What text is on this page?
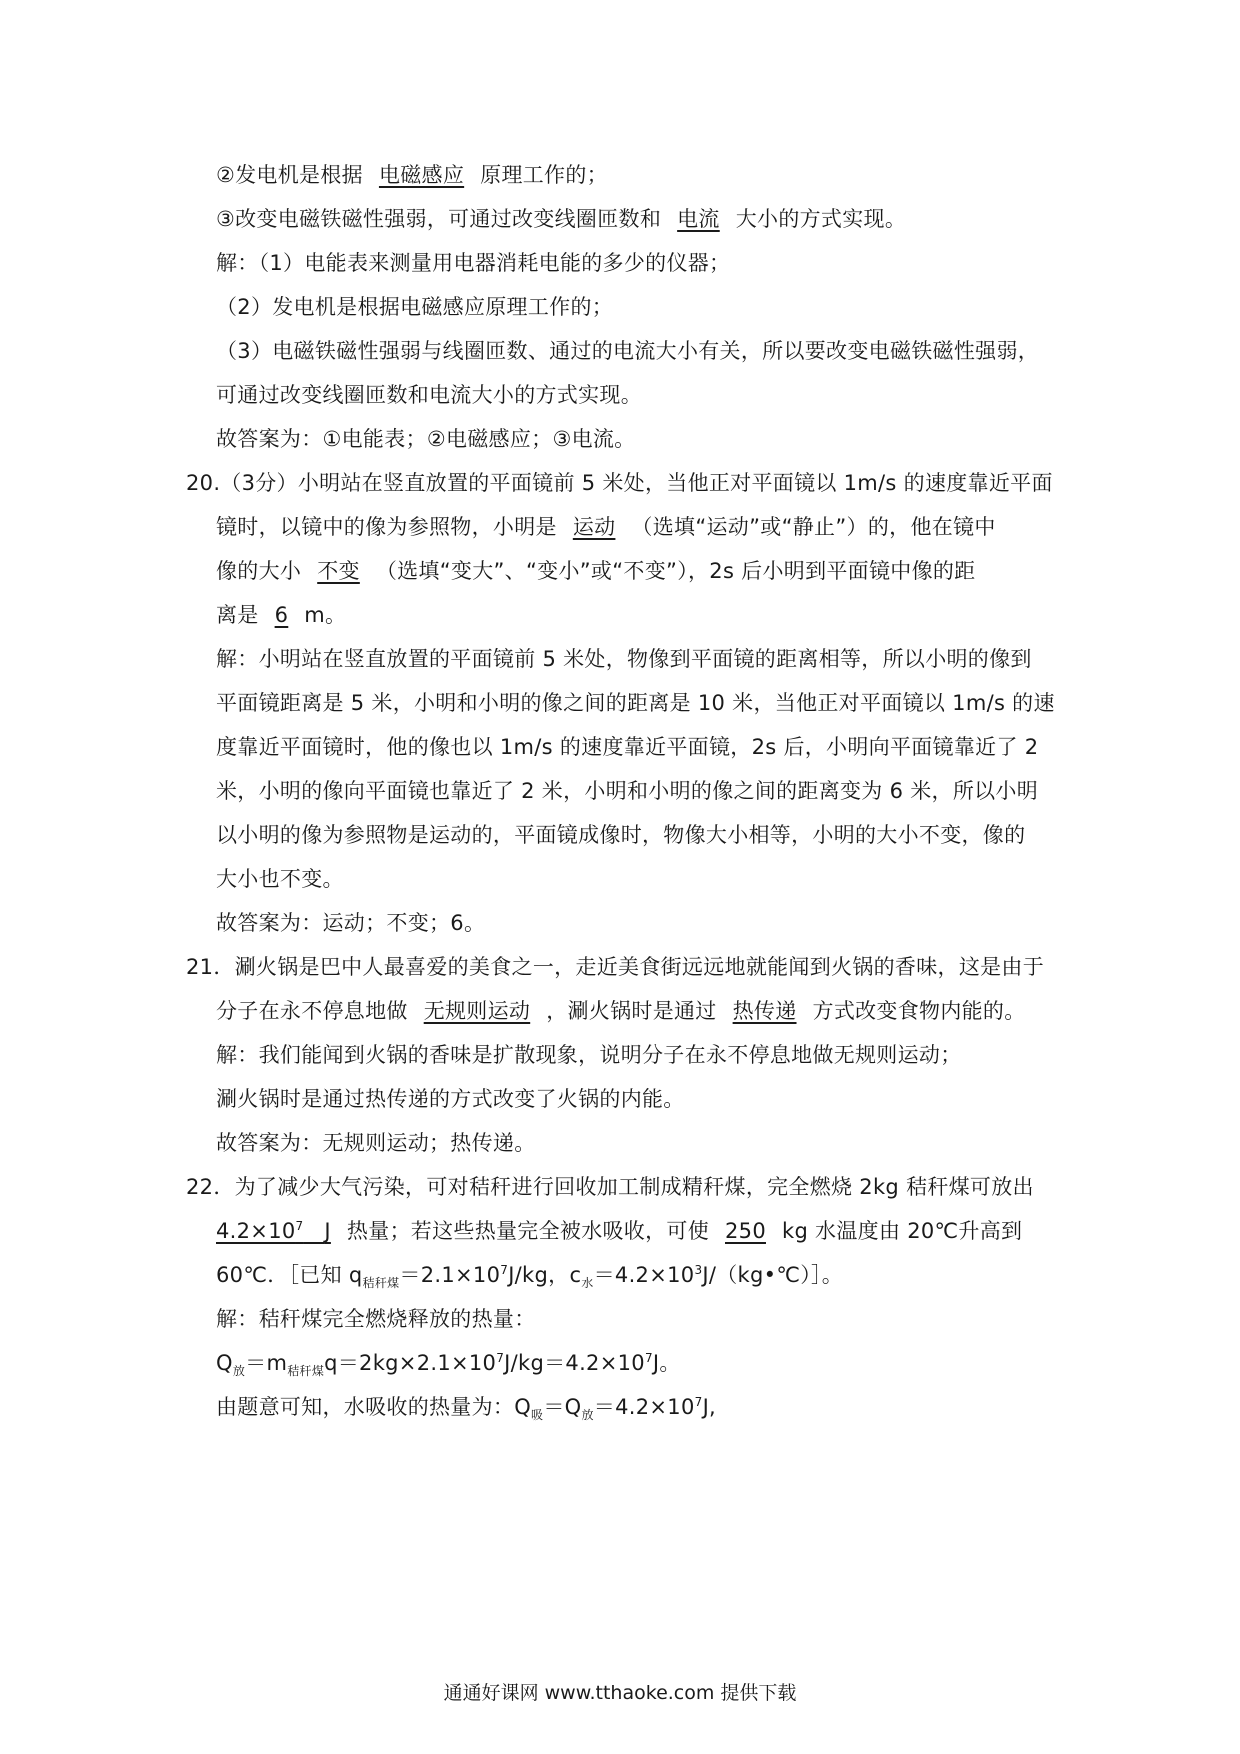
②发电机是根据 电磁感应 原理工作的；
③改变电磁铁磁性强弱，可通过改变线圈匝数和 电流 大小的方式实现。
解：（1）电能表来测量用电器消耗电能的多少的仪器；
（2）发电机是根据电磁感应原理工作的；
（3）电磁铁磁性强弱与线圈匝数、通过的电流大小有关，所以要改变电磁铁磁性强弱，
可通过改变线圈匝数和电流大小的方式实现。
故答案为：①电能表；②电磁感应；③电流。
20.（3分）小明站在竖直放置的平面镜前 5 米处，当他正对平面镜以 1m/s 的速度靠近平面
镜时，以镜中的像为参照物，小明是 运动 （选填“运动”或“静止”）的，他在镜中
像的大小 不变 （选填“变大”、“变小”或“不变”），2s 后小明到平面镜中像的距
离是 6 m。
解：小明站在竖直放置的平面镜前 5 米处，物像到平面镜的距离相等，所以小明的像到
平面镜距离是 5 米，小明和小明的像之间的距离是 10 米，当他正对平面镜以 1m/s 的速
度靠近平面镜时，他的像也以 1m/s 的速度靠近平面镜，2s 后，小明向平面镜靠近了 2
米，小明的像向平面镜也靠近了 2 米，小明和小明的像之间的距离变为 6 米，所以小明
以小明的像为参照物是运动的，平面镜成像时，物像大小相等，小明的大小不变，像的
大小也不变。
故答案为：运动；不变；6。
21．涮火锅是巴中人最喜爱的美食之一，走近美食街远远地就能闻到火锅的香味，这是由于
分子在永不停息地做 无规则运动 ，涮火锅时是通过 热传递 方式改变食物内能的。
解：我们能闻到火锅的香味是扩散现象，说明分子在永不停息地做无规则运动；
涮火锅时是通过热传递的方式改变了火锅的内能。
故答案为：无规则运动；热传递。
22．为了减少大气污染，可对秸秆进行回收加工制成精秆煤，完全燃烧 2kg 秸秆煤可放出
$4.2\times 10^7$ J 热量；若这些热量完全被水吸收，可使 250 kg 水温度由 20℃升高到
60℃．［已知 $q_{秸秆煤}=2.1\times 10^7J/kg$，$c_水=4.2\times 10^3J/(kg•℃)]$。
解：秸秆煤完全燃烧释放的热量：
$Q_放=m_{秸秆煤}q=2kg\times 2.1\times 10^7J/kg=4.2\times 10^7J$。
由题意可知，水吸收的热量为：$Q_吸=Q_放=4.2\times 10^7J$,
通通好课网 www.tthaoke.com 提供下载
